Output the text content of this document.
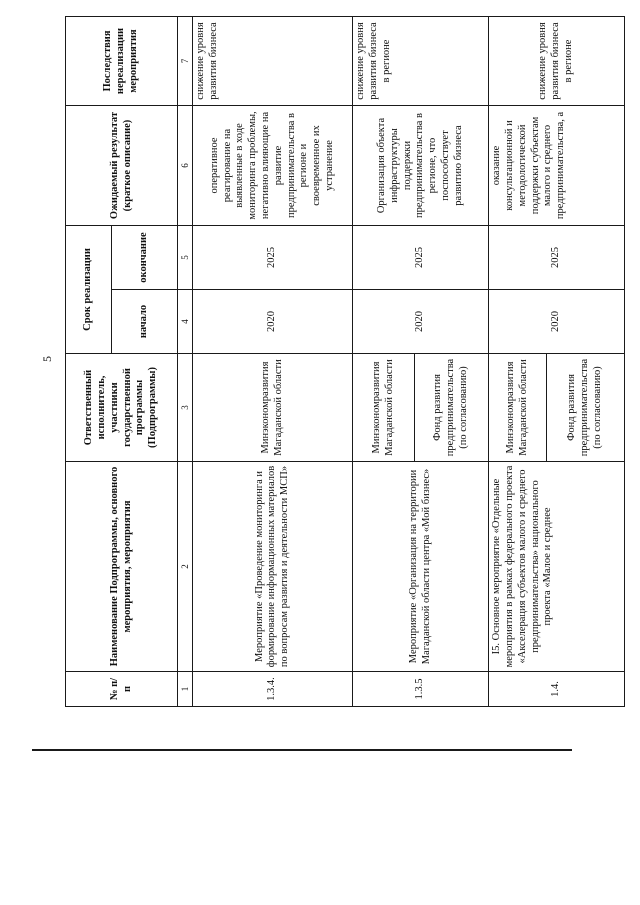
5
№ п/п	Наименование Подпрограммы, основного мероприятия, мероприятия	Ответственный исполнитель, участники государственной программы (Подпрограммы)	Срок реализации		Ожидаемый результат (краткое описание)	Последствия нереализации мероприятия
			начало	окончание		
1	2	3	4	5	6	7
1.3.4.	Мероприятие «Проведение мониторинга и формирование информационных материалов по вопросам развития и деятельности МСП»	Минэкономразвития Магаданской области	2020	2025	оперативное реагирование на выявленные в ходе мониторинга проблемы, негативно влияющие на развитие предпринимательства в регионе и своевременное их устранение	снижение уровня развития бизнеса
1.3.5	Мероприятие «Организация на территории Магаданской области центра «Мой бизнес»	Минэкономразвития Магаданской области	2020	2025	Организация объекта инфраструктуры поддержки предпринимательства в регионе, что поспособствует развитию бизнеса	снижение уровня развития бизнеса в регионе
		Фонд развития предпринимательства (по согласованию)				
1.4.	I5. Основное мероприятие «Отдельные мероприятия в рамках федерального проекта «Акселерация субъектов малого и среднего предпринимательства» национального проекта «Малое и среднее	Минэкономразвития Магаданской области	2020	2025	оказание консультационной и методологической поддержки субъектам малого и среднего предпринимательства, а	снижение уровня развития бизнеса в регионе
		Фонд развития предпринимательства (по согласованию)				
